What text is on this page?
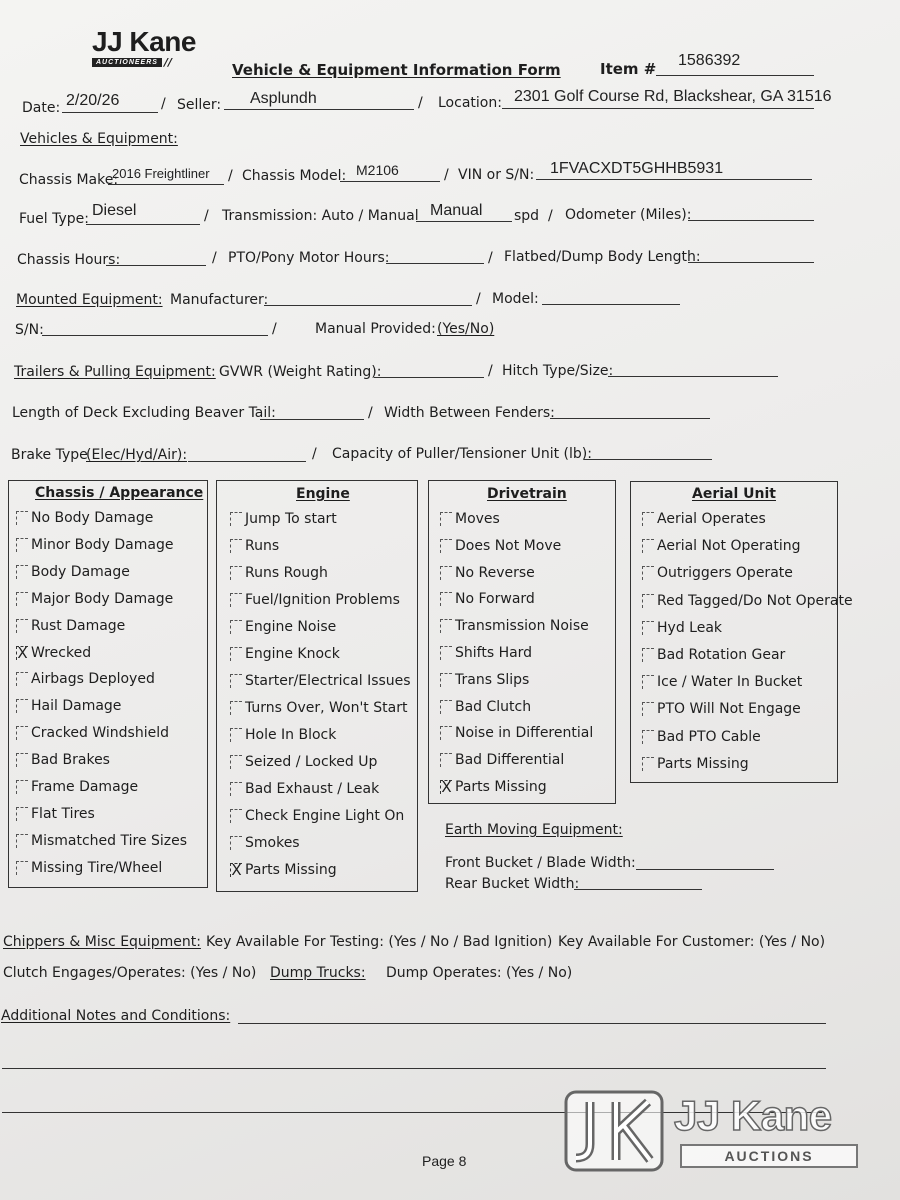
JJ Kane
AUCTIONEERS //	Vehicle & Equipment Information Form	Item # 1586392
Date: 2/20/26	/ Seller: Asplundh	/ Location: 2301 Golf Course Rd, Blackshear, GA 31516
Vehicles & Equipment:
Chassis Make:
2016 Freightliner / Chassis Model: M2106	/ VIN or S/N: 1FVACXDT5GHHB5931
Fuel Type: Diesel	/ Transmission: Auto / Manual Manual spd / Odometer (Miles):
Chassis Hours:	/ PTO/Pony Motor Hours:	/ Flatbed/Dump Body Length:
Mounted Equipment: Manufacturer:	/ Model:
S/N:	/	Manual Provided: (Yes/No)
Trailers & Pulling Equipment: GVWR (Weight Rating):	/ Hitch Type/Size:
Length of Deck Excluding Beaver Tail:	/ Width Between Fenders:
Brake Type
(Elec/Hyd/Air):	/ Capacity of Puller/Tensioner Unit (lb):
Chassis / Appearance
No Body Damage
Minor Body Damage
Body Damage
Major Body Damage
Rust Damage
X Wrecked
Airbags Deployed
Hail Damage
Cracked Windshield
Bad Brakes
Frame Damage
Flat Tires
Mismatched Tire Sizes
Missing Tire/Wheel
Engine
Jump To start
Runs
Runs Rough
Fuel/Ignition Problems
Engine Noise
Engine Knock
Starter/Electrical Issues
Turns Over, Won't Start
Hole In Block
Seized / Locked Up
Bad Exhaust / Leak
Check Engine Light On
Smokes
X Parts Missing
Drivetrain
Moves
Does Not Move
No Reverse
No Forward
Transmission Noise
Shifts Hard
Trans Slips
Bad Clutch
Noise in Differential
Bad Differential
X Parts Missing
Aerial Unit
Aerial Operates
Aerial Not Operating
Outriggers Operate
Red Tagged/Do Not Operate
Hyd Leak
Bad Rotation Gear
Ice / Water In Bucket
PTO Will Not Engage
Bad PTO Cable
Parts Missing
Earth Moving Equipment:
Front Bucket / Blade Width:
Rear Bucket Width:
Chippers & Misc Equipment: Key Available For Testing: (Yes / No / Bad Ignition) Key Available For Customer: (Yes / No)
Clutch Engages/Operates: (Yes / No) Dump Trucks: Dump Operates: (Yes / No)
Additional Notes and Conditions:
Page 8
JJ Kane
AUCTIONS
